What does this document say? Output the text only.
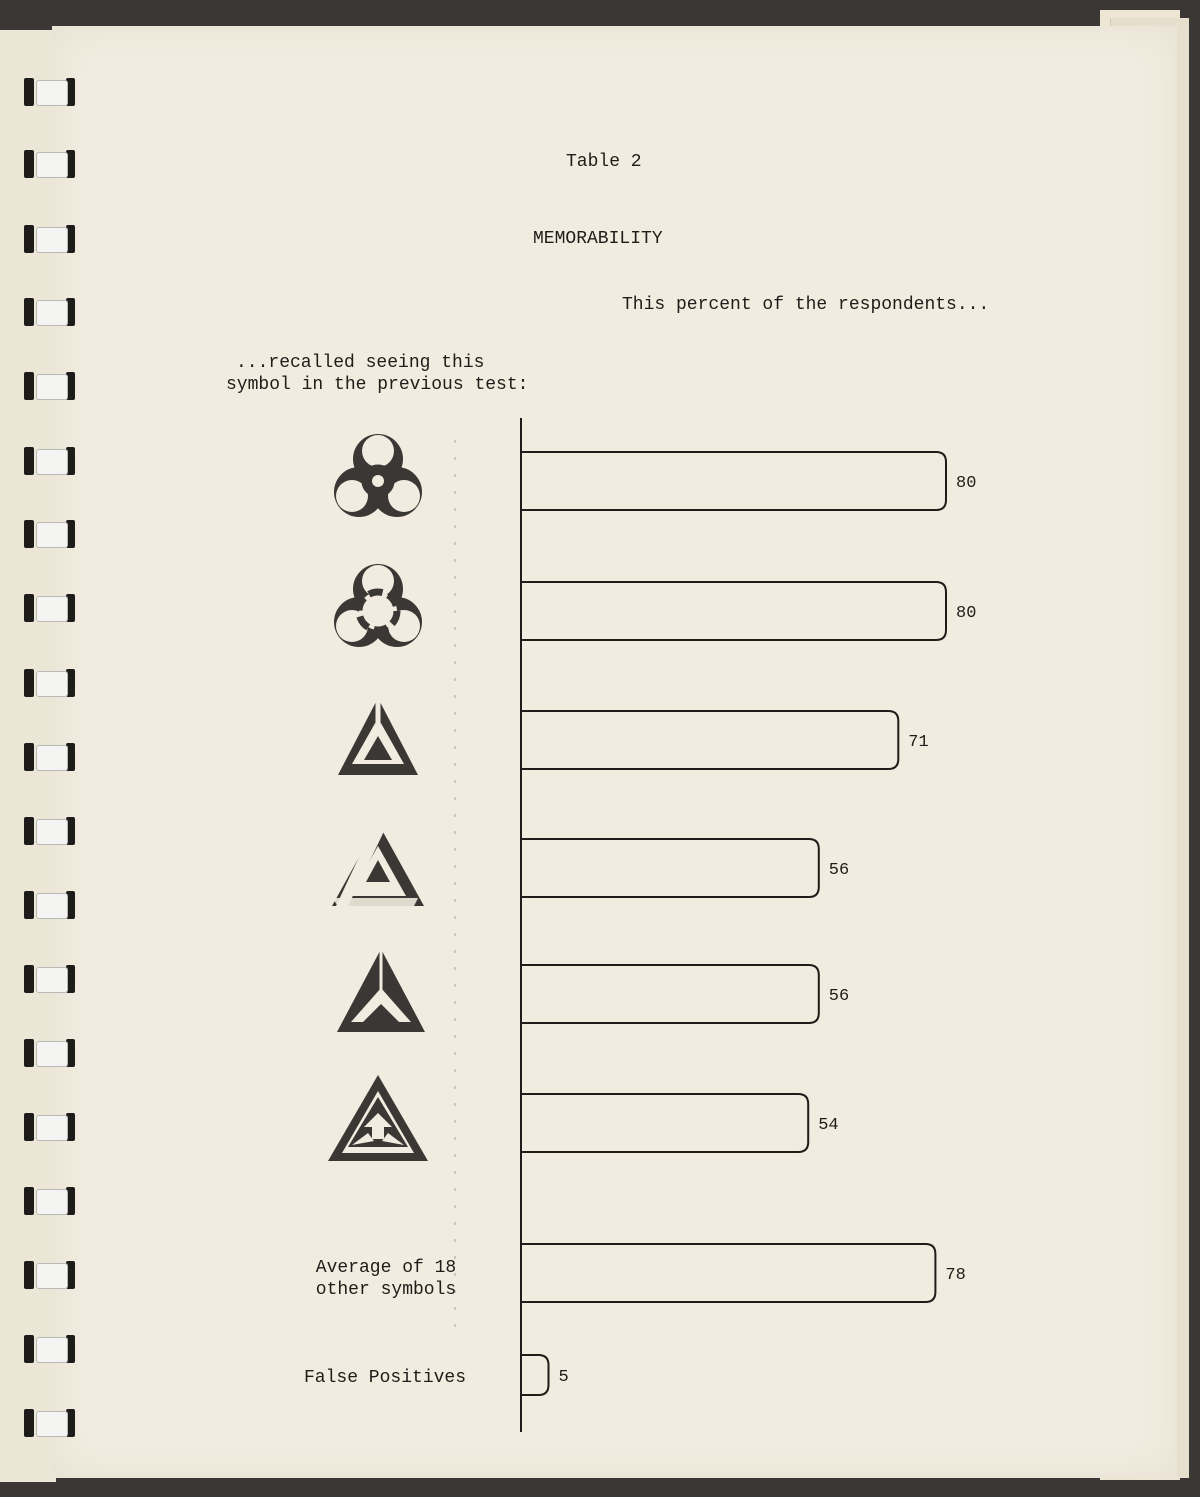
Table 2
MEMORABILITY
This percent of the respondents...
...recalled seeing this
symbol in the previous test:
Average of 18
other symbols
False Positives
80
80
71
56
56
54
78
5
